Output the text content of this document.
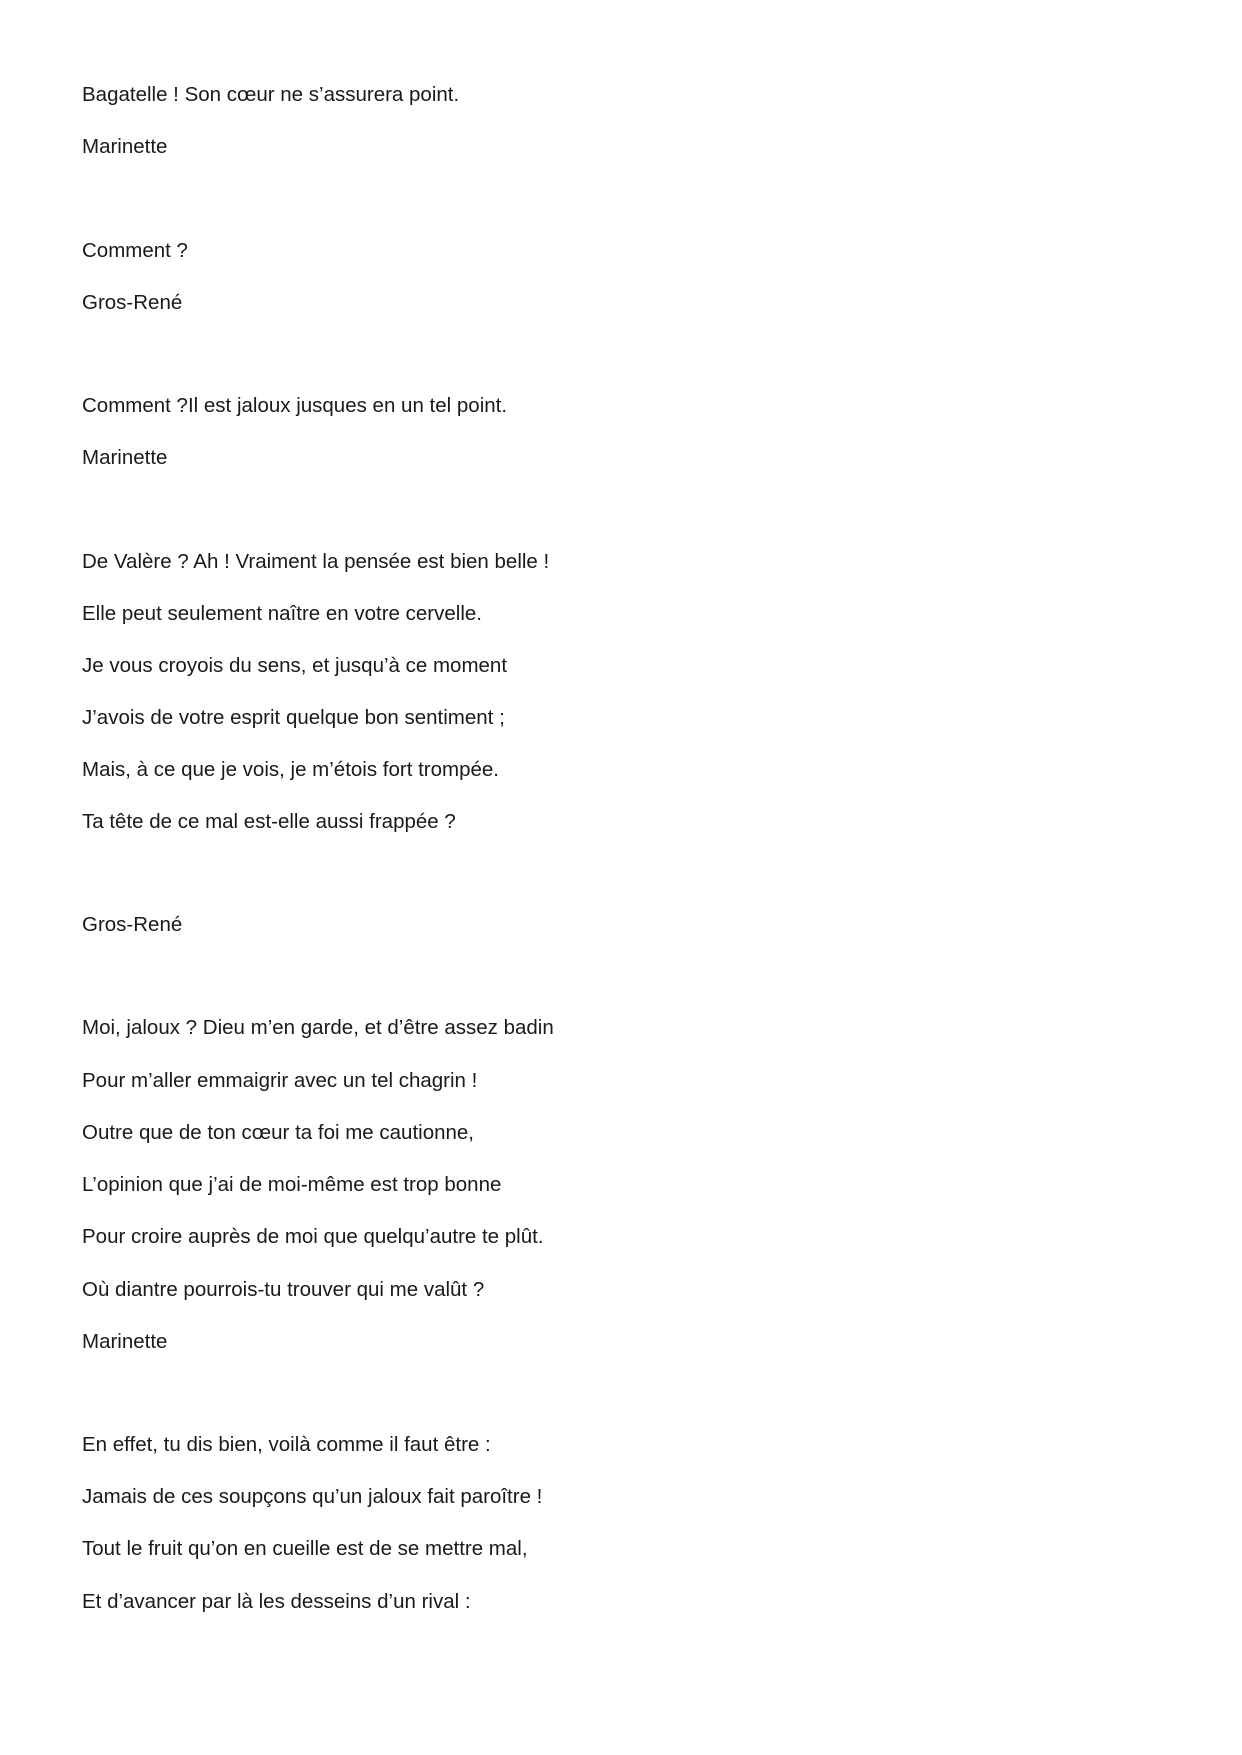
Bagatelle ! Son cœur ne s’assurera point.

Marinette

Comment ?

Gros-René

Comment ?Il est jaloux jusques en un tel point.

Marinette

De Valère ? Ah ! Vraiment la pensée est bien belle !

Elle peut seulement naître en votre cervelle.

Je vous croyois du sens, et jusqu’à ce moment

J’avois de votre esprit quelque bon sentiment ;

Mais, à ce que je vois, je m’étois fort trompée.

Ta tête de ce mal est-elle aussi frappée ?

Gros-René

Moi, jaloux ? Dieu m’en garde, et d’être assez badin

Pour m’aller emmaigrir avec un tel chagrin !

Outre que de ton cœur ta foi me cautionne,

L’opinion que j’ai de moi-même est trop bonne

Pour croire auprès de moi que quelqu’autre te plût.

Où diantre pourrois-tu trouver qui me valût ?

Marinette

En effet, tu dis bien, voilà comme il faut être :

Jamais de ces soupçons qu’un jaloux fait paroître !

Tout le fruit qu’on en cueille est de se mettre mal,

Et d’avancer par là les desseins d’un rival :
